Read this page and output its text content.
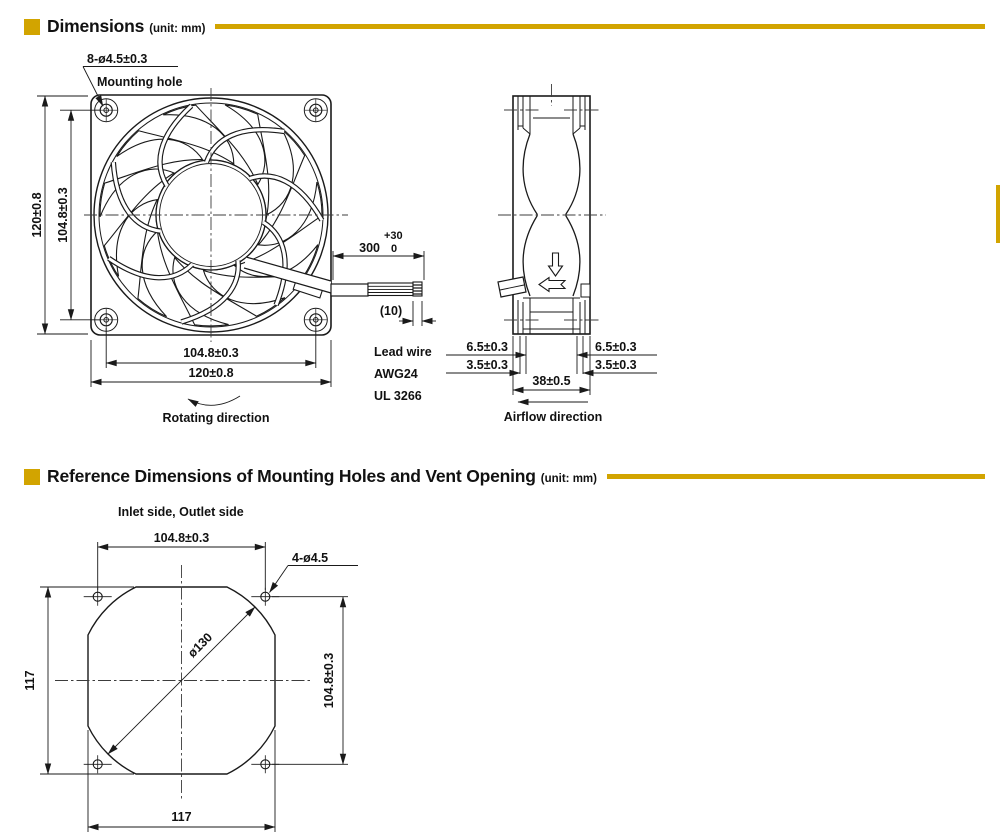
Dimensions (unit: mm)
Reference Dimensions of Mounting Holes and Vent Opening (unit: mm)
120±0.8 104.8±0.3
104.8±0.3
120±0.8
8-ø4.5±0.3
Mounting hole
Rotating direction
300
+30
0
(10)
Lead wire
AWG24
UL 3266
6.5±0.3
3.5±0.3
6.5±0.3
3.5±0.3
38±0.5
Airflow direction
Inlet side, Outlet side
ø130
104.8±0.3
4-ø4.5
117	104.8±0.3
117
